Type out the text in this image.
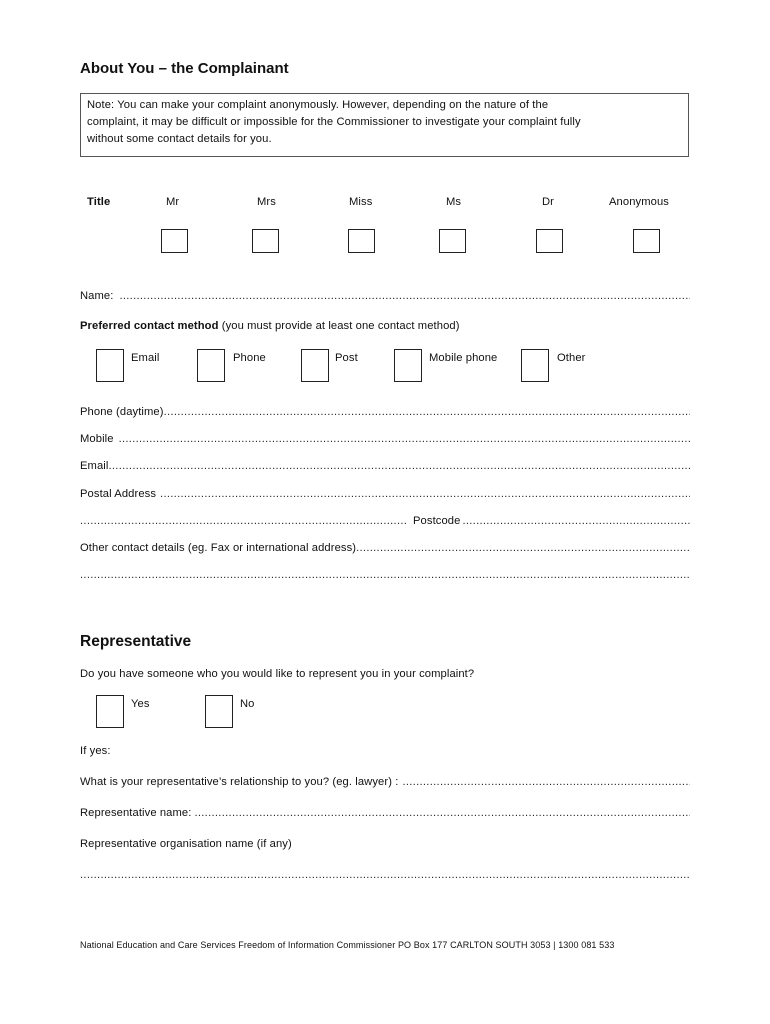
About You – the Complainant
Note: You can make your complaint anonymously. However, depending on the nature of the
complaint, it may be difficult or impossible for the Commissioner to investigate your complaint fully
without some contact details for you.
Title	Mr	Mrs	Miss	Ms	Dr	Anonymous
Name:
.....
Preferred contact method (you must provide at least one contact method)
Email	Phone	Post	Mobile phone	Other
Phone (daytime)
.....
Mobile
.....
Email
.....
Postal Address
.....
.....
Postcode
.....
Other contact details (eg. Fax or international address)
.....
.....
Representative
Do you have someone who you would like to represent you in your complaint?
Yes	No
If yes:
What is your representative’s relationship to you? (eg. lawyer) :
.....
Representative name:
.....
Representative organisation name (if any)
.....
National Education and Care Services Freedom of Information Commissioner PO Box 177 CARLTON SOUTH 3053 | 1300 081 533
